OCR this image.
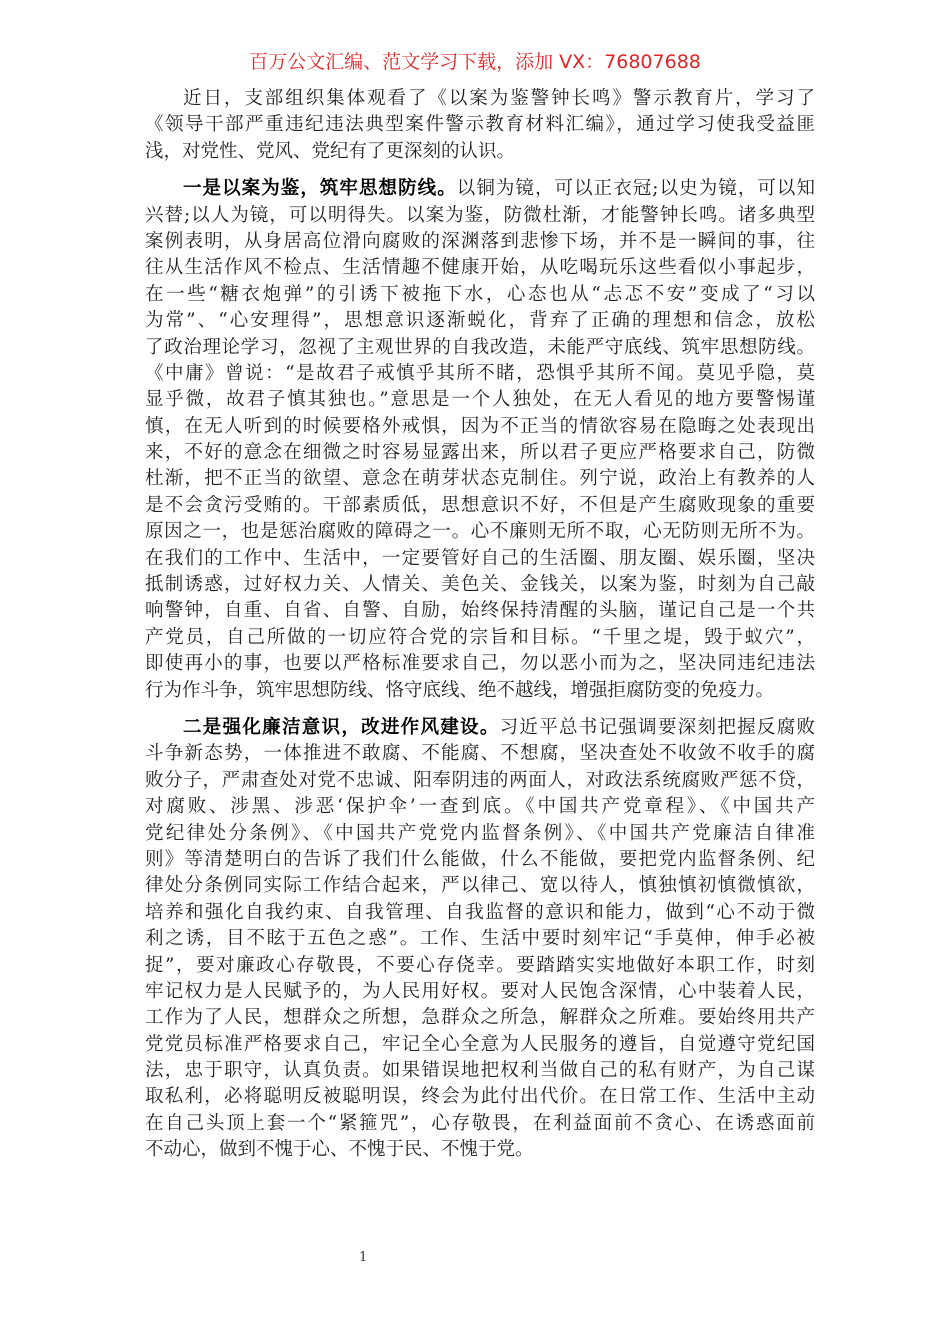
百万公文汇编、范文学习下载，添加 VX：76807688
近日，支部组织集体观看了《以案为鉴警钟长鸣》警示教育片，学习了
《领导干部严重违纪违法典型案件警示教育材料汇编》，通过学习使我受益匪
浅，对党性、党风、党纪有了更深刻的认识。
一是以案为鉴，筑牢思想防线。以铜为镜，可以正衣冠;以史为镜，可以知
兴替;以人为镜，可以明得失。以案为鉴，防微杜渐，才能警钟长鸣。诸多典型
案例表明，从身居高位滑向腐败的深渊落到悲惨下场，并不是一瞬间的事，往
往从生活作风不检点、生活情趣不健康开始，从吃喝玩乐这些看似小事起步，
在一些“糖衣炮弹”的引诱下被拖下水，心态也从“忐忑不安”变成了“习以
为常”、“心安理得”，思想意识逐渐蜕化，背弃了正确的理想和信念，放松
了政治理论学习，忽视了主观世界的自我改造，未能严守底线、筑牢思想防线。
《中庸》曾说：“是故君子戒慎乎其所不睹，恐惧乎其所不闻。莫见乎隐，莫
显乎微，故君子慎其独也。”意思是一个人独处，在无人看见的地方要警惕谨
慎，在无人听到的时候要格外戒惧，因为不正当的情欲容易在隐晦之处表现出
来，不好的意念在细微之时容易显露出来，所以君子更应严格要求自己，防微
杜渐，把不正当的欲望、意念在萌芽状态克制住。列宁说，政治上有教养的人
是不会贪污受贿的。干部素质低，思想意识不好，不但是产生腐败现象的重要
原因之一，也是惩治腐败的障碍之一。心不廉则无所不取，心无防则无所不为。
在我们的工作中、生活中，一定要管好自己的生活圈、朋友圈、娱乐圈，坚决
抵制诱惑，过好权力关、人情关、美色关、金钱关，以案为鉴，时刻为自己敲
响警钟，自重、自省、自警、自励，始终保持清醒的头脑，谨记自己是一个共
产党员，自己所做的一切应符合党的宗旨和目标。“千里之堤，毁于蚁穴”，
即使再小的事，也要以严格标准要求自己，勿以恶小而为之，坚决同违纪违法
行为作斗争，筑牢思想防线、恪守底线、绝不越线，增强拒腐防变的免疫力。
二是强化廉洁意识，改进作风建设。习近平总书记强调要深刻把握反腐败
斗争新态势，一体推进不敢腐、不能腐、不想腐，坚决查处不收敛不收手的腐
败分子，严肃查处对党不忠诚、阳奉阴违的两面人，对政法系统腐败严惩不贷，
对腐败、涉黑、涉恶‘保护伞’一查到底。《中国共产党章程》、《中国共产
党纪律处分条例》、《中国共产党党内监督条例》、《中国共产党廉洁自律准
则》等清楚明白的告诉了我们什么能做，什么不能做，要把党内监督条例、纪
律处分条例同实际工作结合起来，严以律己、宽以待人，慎独慎初慎微慎欲，
培养和强化自我约束、自我管理、自我监督的意识和能力，做到“心不动于微
利之诱，目不眩于五色之惑”。工作、生活中要时刻牢记“手莫伸，伸手必被
捉”，要对廉政心存敬畏，不要心存侥幸。要踏踏实实地做好本职工作，时刻
牢记权力是人民赋予的，为人民用好权。要对人民饱含深情，心中装着人民，
工作为了人民，想群众之所想，急群众之所急，解群众之所难。要始终用共产
党党员标准严格要求自己，牢记全心全意为人民服务的遵旨，自觉遵守党纪国
法，忠于职守，认真负责。如果错误地把权利当做自己的私有财产，为自己谋
取私利，必将聪明反被聪明误，终会为此付出代价。在日常工作、生活中主动
在自己头顶上套一个“紧箍咒”，心存敬畏，在利益面前不贪心、在诱惑面前
不动心，做到不愧于心、不愧于民、不愧于党。
1
